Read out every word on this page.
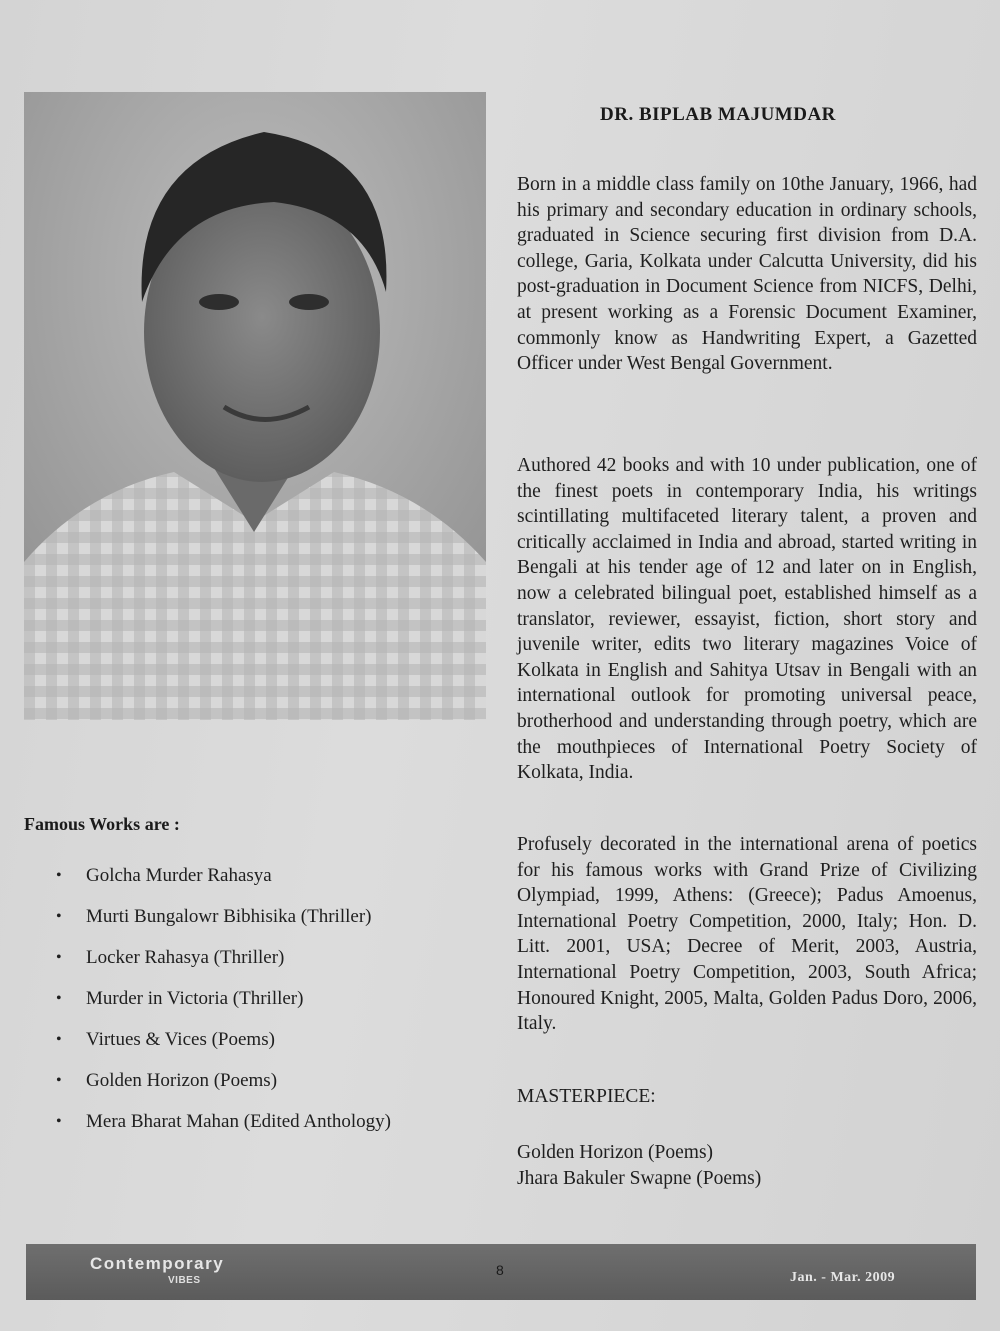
DR. BIPLAB MAJUMDAR

Born in a middle class family on 10the January, 1966, had his primary and secondary education in ordinary schools, graduated in Science securing first division from D.A. college, Garia, Kolkata under Calcutta University, did his post-graduation in Document Science from NICFS, Delhi, at present working as a Forensic Document Examiner, commonly know as Handwriting Expert, a Gazetted Officer under West Bengal Government.

Authored 42 books and with 10 under publication, one of the finest poets in contemporary India, his writings scintillating multifaceted literary talent, a proven and critically acclaimed in India and abroad, started writing in Bengali at his tender age of 12 and later on in English, now a celebrated bilingual poet, established himself as a translator, reviewer, essayist, fiction, short story and juvenile writer, edits two literary magazines Voice of Kolkata in English and Sahitya Utsav in Bengali with an international outlook for promoting universal peace, brotherhood and understanding through poetry, which are the mouthpieces of International Poetry Society of Kolkata, India.

Profusely decorated in the international arena of poetics for his famous works with Grand Prize of Civilizing Olympiad, 1999, Athens: (Greece); Padus Amoenus, International Poetry Competition, 2000, Italy; Hon. D. Litt. 2001, USA; Decree of Merit, 2003, Austria, International Poetry Competition, 2003, South Africa; Honoured Knight, 2005, Malta, Golden Padus Doro, 2006, Italy.

MASTERPIECE:

Golden Horizon (Poems)
Jhara Bakuler Swapne (Poems)

Famous Works are :

•	Golcha Murder Rahasya
•	Murti Bungalowr Bibhisika (Thriller)
•	Locker Rahasya (Thriller)
•	Murder in Victoria (Thriller)
•	Virtues & Vices (Poems)
•	Golden Horizon (Poems)
•	Mera Bharat Mahan (Edited Anthology)
Contemporary
VIBES
8	Jan. - Mar. 2009
